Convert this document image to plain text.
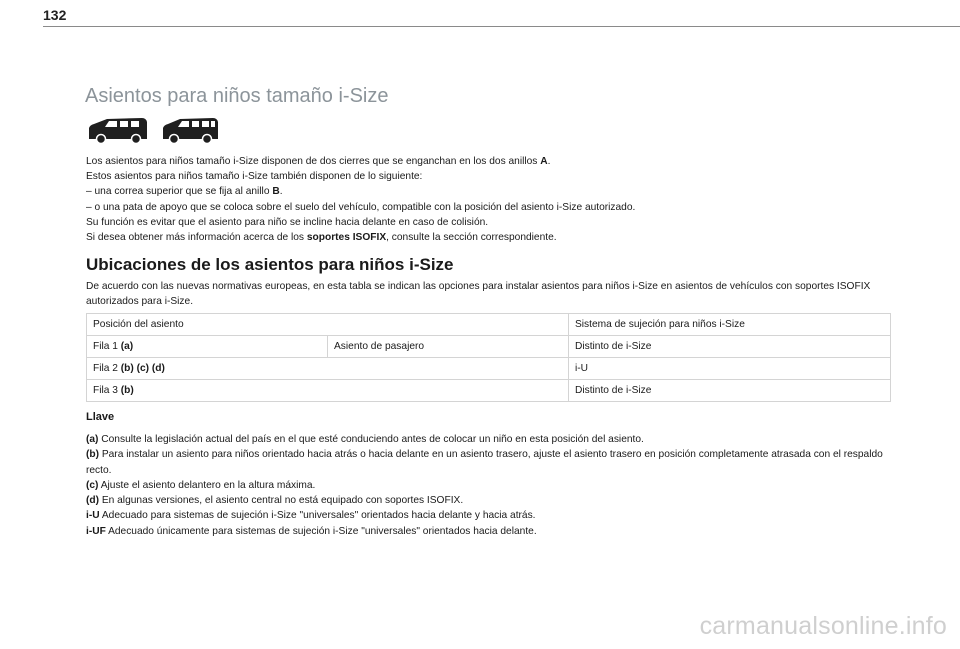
132
Asientos para niños tamaño i-Size

Los asientos para niños tamaño i-Size disponen de dos cierres que se enganchan en los dos anillos A.

Estos asientos para niños tamaño i-Size también disponen de lo siguiente:

– una correa superior que se fija al anillo B.

– o una pata de apoyo que se coloca sobre el suelo del vehículo, compatible con la posición del asiento i-Size autorizado.

Su función es evitar que el asiento para niño se incline hacia delante en caso de colisión.

Si desea obtener más información acerca de los soportes ISOFIX, consulte la sección correspondiente.

Ubicaciones de los asientos para niños i-Size
De acuerdo con las nuevas normativas europeas, en esta tabla se indican las opciones para instalar asientos para niños i-Size en asientos de vehículos con soportes ISOFIX autorizados para i-Size.
Posición del asiento		Sistema de sujeción para niños i-Size
Fila 1 (a)	Asiento de pasajero	Distinto de i-Size
Fila 2 (b) (c) (d)		i-U
Fila 3 (b)		Distinto de i-Size
Llave

(a) Consulte la legislación actual del país en el que esté conduciendo antes de colocar un niño en esta posición del asiento.

(b) Para instalar un asiento para niños orientado hacia atrás o hacia delante en un asiento trasero, ajuste el asiento trasero en posición completamente atrasada con el respaldo recto.

(c) Ajuste el asiento delantero en la altura máxima.

(d) En algunas versiones, el asiento central no está equipado con soportes ISOFIX.

i-U Adecuado para sistemas de sujeción i-Size "universales" orientados hacia delante y hacia atrás.

i-UF Adecuado únicamente para sistemas de sujeción i-Size "universales" orientados hacia delante.

carmanualsonline.info
